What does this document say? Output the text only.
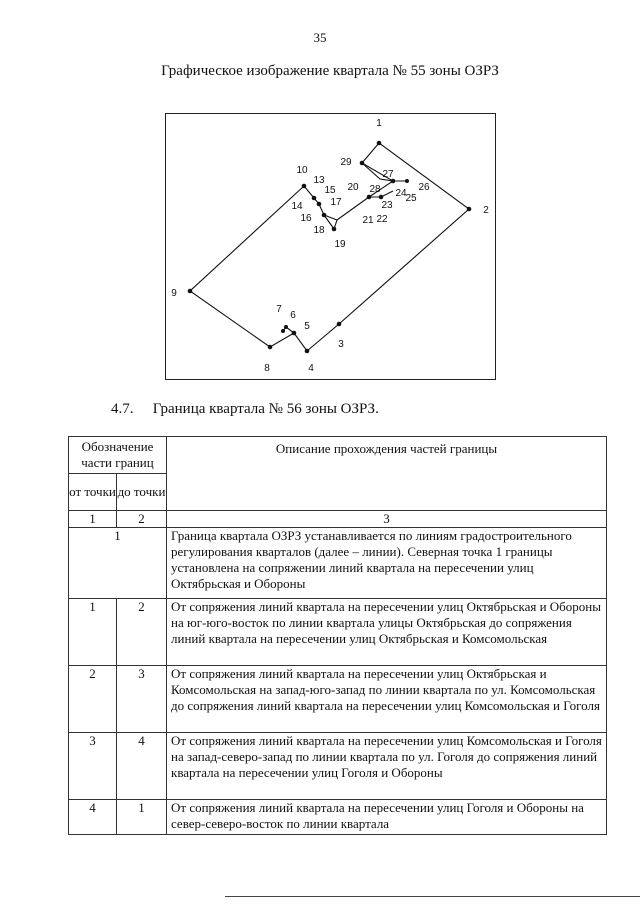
35
Графическое изображение квартала № 55 зоны ОЗРЗ
1
2
3
4
5
6
7
8
9
10
13
14
15
16
17
18
19
20
21 22
23
24
25
26
27
28
29
4.7. Граница квартала № 56 зоны ОЗРЗ.
Обозначение части границ		Описание прохождения частей границы
от точки	до точки	
1	2	3
1		Граница квартала ОЗРЗ устанавливается по линиям градостроительного регулирования кварталов (далее – линии). Северная точка 1 границы установлена на сопряжении линий квартала на пересечении улиц Октябрьская и Обороны
1	2	От сопряжения линий квартала на пересечении улиц Октябрьская и Обороны на юг-юго-восток по линии квартала улицы Октябрьская до сопряжения линий квартала на пересечении улиц Октябрьская и Комсомольская
2	3	От сопряжения линий квартала на пересечении улиц Октябрьская и Комсомольская на запад-юго-запад по линии квартала по ул. Комсомольская до сопряжения линий квартала на пересечении улиц Комсомольская и Гоголя
3	4	От сопряжения линий квартала на пересечении улиц Комсомольская и Гоголя на запад-северо-запад по линии квартала по ул. Гоголя до сопряжения линий квартала на пересечении улиц Гоголя и Обороны
4	1	От сопряжения линий квартала на пересечении улиц Гоголя и Обороны на север-северо-восток по линии квартала
